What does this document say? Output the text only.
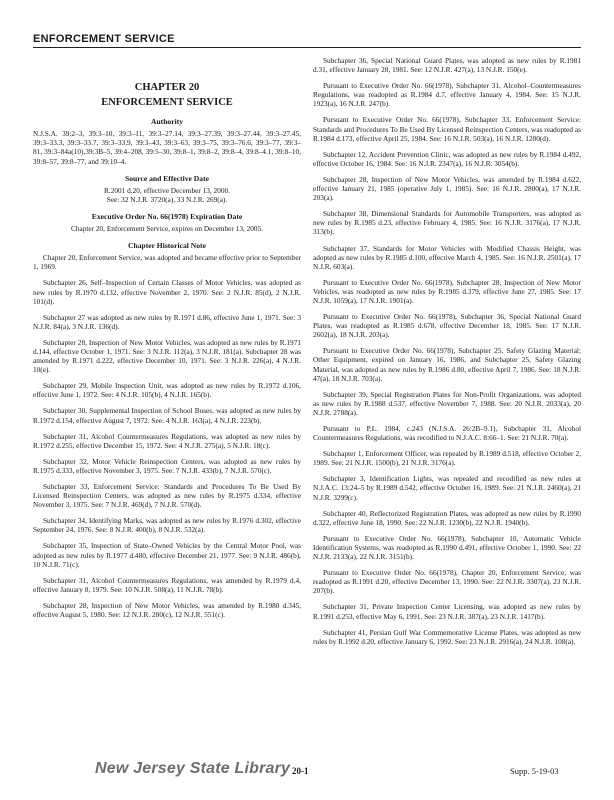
ENFORCEMENT SERVICE
CHAPTER 20
ENFORCEMENT SERVICE
Authority
N.J.S.A. 39:2–3, 39:3–10, 39:3–11, 39:3–27.14, 39:3–27.39, 39:3–27.44, 39:3–27.45, 39:3–33.3, 39:3–33.7, 39:3–33.9, 39:3–43, 39:3–63, 39:3–75, 39:3–76.6, 39:3–77, 39:3–81, 39:3–84a(10),39:3B–5, 39:4–208, 39:5–30, 39:8–1, 39:8–2, 39:8–4, 39:8–4.1, 39:8–10, 39:8–57, 39:8–77, and 39:10–4.
Source and Effective Date
R.2001 d.20, effective December 13, 2000.
See: 32 N.J.R. 3720(a), 33 N.J.R. 269(a).
Executive Order No. 66(1978) Expiration Date
Chapter 20, Enforcement Service, expires on December 13, 2005.
Chapter Historical Note

Chapter 20, Enforcement Service, was adopted and became effective prior to September 1, 1969.

Subchapter 26, Self–Inspection of Certain Classes of Motor Vehicles, was adopted as new rules by R.1970 d.132, effective November 2, 1970. See: 2 N.J.R. 85(d), 2 N.J.R. 101(d).

Subchapter 27 was adopted as new rules by R.1971 d.86, effective June 1, 1971. See: 3 N.J.R. 84(a), 3 N.J.R. 136(d).

Subchapter 28, Inspection of New Motor Vehicles, was adopted as new rules by R.1971 d.144, effective October 1, 1971. See: 3 N.J.R. 112(a), 3 N.J.R. 181(a). Subchapter 28 was amended by R.1971 d.222, effective December 10, 1971. See: 3 N.J.R. 226(a), 4 N.J.R. 10(e).

Subchapter 29, Mobile Inspection Unit, was adopted as new rules by R.1972 d.106, effective June 1, 1972. See: 4 N.J.R. 105(b), 4 N.J.R. 165(b).

Subchapter 30, Supplemental Inspection of School Buses, was adopted as new rules by R.1972 d.154, effective August 7, 1972. See: 4 N.J.R. 163(a), 4 N.J.R. 223(b).

Subchapter 31, Alcohol Countermeasures Regulations, was adopted as new rules by R.1972 d.255, effective December 15, 1972. See: 4 N.J.R. 275(a), 5 N.J.R. 18(c).

Subchapter 32, Motor Vehicle Reinspection Centers, was adopted as new rules by R.1975 d.333, effective November 3, 1975. See: 7 N.J.R. 433(b), 7 N.J.R. 570(c).

Subchapter 33, Enforcement Service: Standards and Procedures To Be Used By Licensed Reinspection Centers, was adopted as new rules by R.1975 d.334, effective November 3, 1975. See: 7 N.J.R. 469(d), 7 N.J.R. 570(d).

Subchapter 34, Identifying Marks, was adopted as new rules by R.1976 d.302, effective September 24, 1976. See: 8 N.J.R. 400(b), 8 N.J.R. 532(a).

Subchapter 35, Inspection of State–Owned Vehicles by the Central Motor Pool, was adopted as new rules by R.1977 d.480, effective December 21, 1977. See: 9 N.J.R. 486(b), 10 N.J.R. 71(c).

Subchapter 31, Alcohol Countermeasures Regulations, was amended by R.1979 d.4, effective January 8, 1979. See: 10 N.J.R. 508(a), 11 N.J.R. 78(b).

Subchapter 28, Inspection of New Motor Vehicles, was amended by R.1980 d.345, effective August 5, 1980. See: 12 N.J.R. 280(c), 12 N.J.R. 551(c).

Subchapter 36, Special National Guard Plates, was adopted as new rules by R.1981 d.31, effective January 28, 1981. See: 12 N.J.R. 427(a), 13 N.J.R. 150(e).

Pursuant to Executive Order No. 66(1978), Subchapter 31, Alcohol–Countermeasures Regulations, was readopted as R.1984 d.7, effective January 4, 1984. See: 15 N.J.R. 1923(a), 16 N.J.R. 247(b).

Pursuant to Executive Order No. 66(1978), Subchapter 33, Enforcement Service: Standards and Procedures To Be Used By Licensed Reinspection Centers, was readopted as R.1984 d.173, effective April 25, 1984. See: 16 N.J.R. 503(a), 16 N.J.R. 1280(d).

Subchapter 12, Accident Prevention Clinic, was adopted as new rules by R.1984 d.492, effective October 16, 1984. See: 16 N.J.R. 2347(a), 16 N.J.R. 3054(b).

Subchapter 28, Inspection of New Motor Vehicles, was amended by R.1984 d.622, effective January 21, 1985 (operative July 1, 1985). See: 16 N.J.R. 2800(a), 17 N.J.R. 203(a).

Subchapter 38, Dimensional Standards for Automobile Transporters, was adopted as new rules by R.1985 d.23, effective February 4, 1985. See: 16 N.J.R. 3176(a), 17 N.J.R. 313(b).

Subchapter 37, Standards for Motor Vehicles with Modified Chassis Height, was adopted as new rules by R.1985 d.100, effective March 4, 1985. See: 16 N.J.R. 2501(a), 17 N.J.R. 603(a).

Pursuant to Executive Order No. 66(1978), Subchapter 28, Inspection of New Motor Vehicles, was readopted as new rules by R.1985 d.379, effective June 27, 1985. See: 17 N.J.R. 1059(a), 17 N.J.R. 1901(a).

Pursuant to Executive Order No. 66(1978), Subchapter 36, Special National Guard Plates, was readopted as R.1985 d.678, effective December 18, 1985. See: 17 N.J.R. 2602(a), 18 N.J.R. 203(a).

Pursuant to Executive Order No. 66(1978), Subchapter 25, Safety Glazing Material; Other Equipment, expired on January 16, 1986, and Subchapter 25, Safety Glazing Material, was adopted as new rules by R.1986 d.80, effective April 7, 1986. See: 18 N.J.R. 47(a), 18 N.J.R. 703(a).

Subchapter 39, Special Registration Plates for Non-Profit Organizations, was adopted as new rules by R.1988 d.537, effective November 7, 1988. See: 20 N.J.R. 2033(a), 20 N.J.R. 2788(a).

Pursuant to P.L. 1984, c.243 (N.J.S.A. 26:2B–9.1), Subchapter 31, Alcohol Countermeasures Regulations, was recodified to N.J.A.C. 8:66–1. See: 21 N.J.R. 70(a).

Subchapter 1, Enforcement Officer, was repealed by R.1989 d.518, effective October 2, 1989. See: 21 N.J.R. 1500(b), 21 N.J.R. 3176(a).

Subchapter 3, Identification Lights, was repealed and recodified as new rules at N.J.A.C. 13:24–5 by R.1989 d.542, effective October 16, 1989. See: 21 N.J.R. 2460(a), 21 N.J.R. 3299(c).

Subchapter 40, Reflectorized Registration Plates, was adopted as new rules by R.1990 d.322, effective June 18, 1990. See: 22 N.J.R. 1230(b), 22 N.J.R. 1940(b).

Pursuant to Executive Order No. 66(1978), Subchapter 10, Automatic Vehicle Identification Systems, was readopted as R.1990 d.491, effective October 1, 1990. See: 22 N.J.R. 2133(a), 22 N.J.R. 3151(b).

Pursuant to Executive Order No. 66(1978), Chapter 20, Enforcement Service, was readopted as R.1991 d.20, effective December 13, 1990. See: 22 N.J.R. 3307(a), 23 N.J.R. 207(b).

Subchapter 31, Private Inspection Center Licensing, was adopted as new rules by R.1991 d.253, effective May 6, 1991. See: 23 N.J.R. 387(a), 23 N.J.R. 1417(b).

Subchapter 41, Persian Gulf War Commemorative License Plates, was adopted as new rules by R.1992 d.20, effective January 6, 1992. See: 23 N.J.R. 2916(a), 24 N.J.R. 108(a).

New Jersey State Library 20-1	Supp. 5-19-03
